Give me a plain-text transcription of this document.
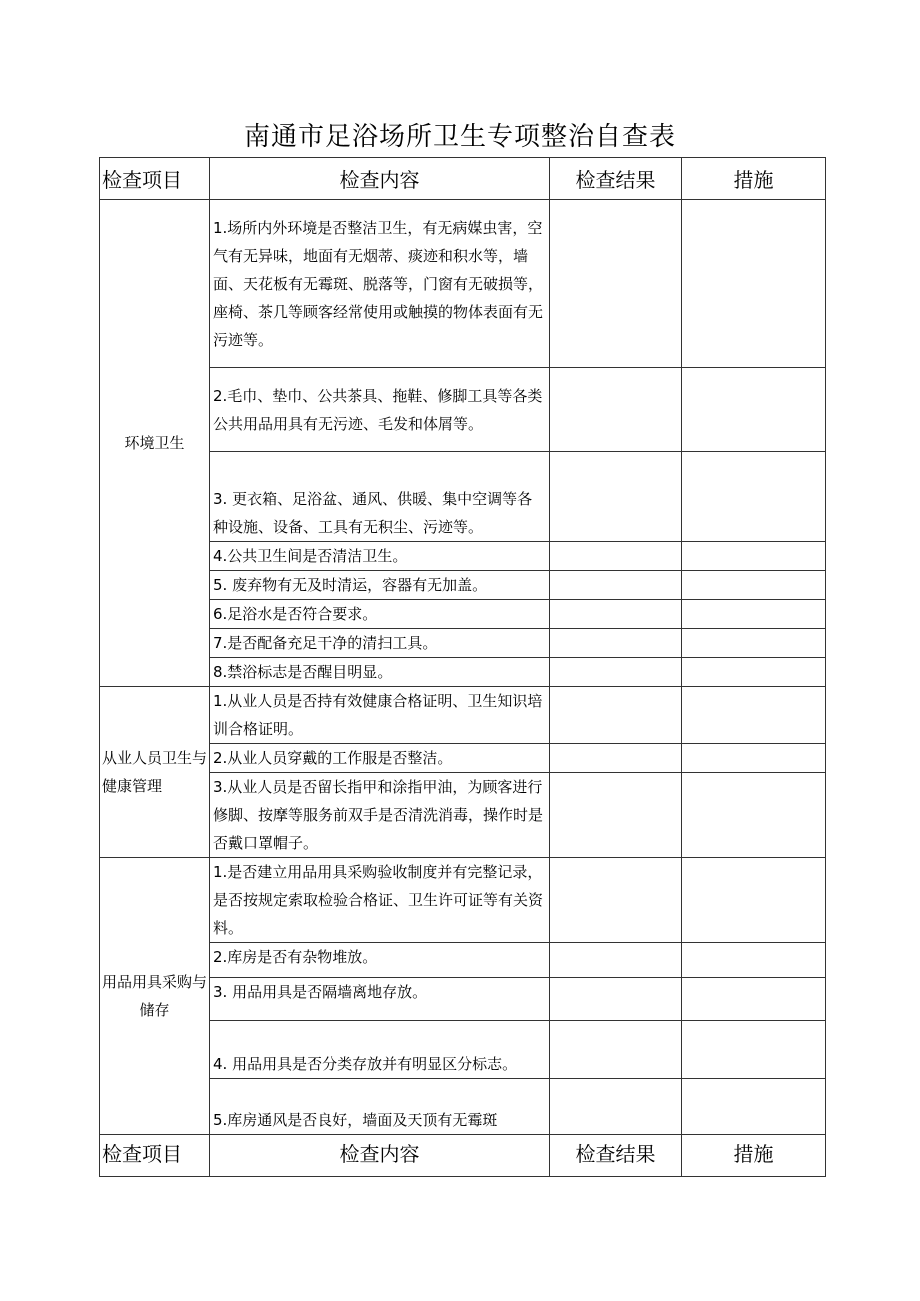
南通市足浴场所卫生专项整治自查表
检查项目	检查内容	检查结果	措施
环境卫生	1.场所内外环境是否整洁卫生，有无病媒虫害，空气有无异味，地面有无烟蒂、痰迹和积水等，墙面、天花板有无霉斑、脱落等，门窗有无破损等，座椅、茶几等顾客经常使用或触摸的物体表面有无污迹等。		
	2.毛巾、垫巾、公共茶具、拖鞋、修脚工具等各类公共用品用具有无污迹、毛发和体屑等。		
	3. 更衣箱、足浴盆、通风、供暖、集中空调等各种设施、设备、工具有无积尘、污迹等。		
	4.公共卫生间是否清洁卫生。		
	5. 废弃物有无及时清运，容器有无加盖。		
	6.足浴水是否符合要求。		
	7.是否配备充足干净的清扫工具。		
	8.禁浴标志是否醒目明显。		
从业人员卫生与健康管理	1.从业人员是否持有效健康合格证明、卫生知识培训合格证明。		
	2.从业人员穿戴的工作服是否整洁。		
	3.从业人员是否留长指甲和涂指甲油，为顾客进行修脚、按摩等服务前双手是否清洗消毒，操作时是否戴口罩帽子。		
用品用具采购与储存	1.是否建立用品用具采购验收制度并有完整记录，是否按规定索取检验合格证、卫生许可证等有关资料。		
	2.库房是否有杂物堆放。		
	3. 用品用具是否隔墙离地存放。		
	4. 用品用具是否分类存放并有明显区分标志。		
	5.库房通风是否良好，墙面及天顶有无霉斑		
检查项目	检查内容	检查结果	措施
